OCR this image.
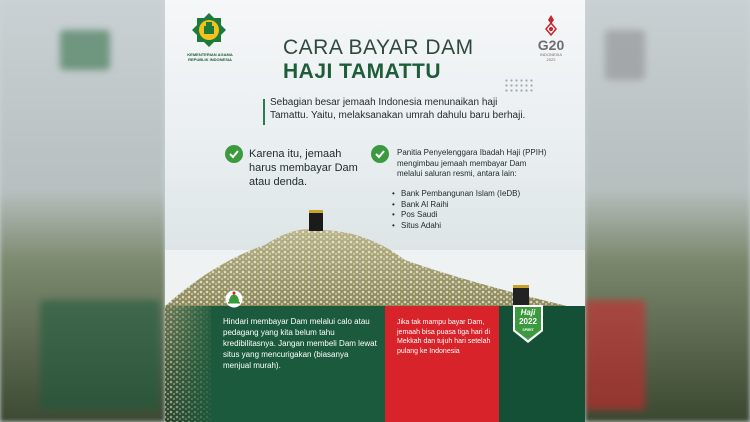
KEMENTERIAN AGAMA REPUBLIK INDONESIA
CARA BAYAR DAM
HAJI TAMATTU
G20
INDONESIA
2022
Sebagian besar jemaah Indonesia menunaikan haji Tamattu. Yaitu, melaksanakan umrah dahulu baru berhaji.
Karena itu, jemaah harus membayar Dam atau denda.
Panitia Penyelenggara Ibadah Haji (PPIH) mengimbau jemaah membayar Dam melalui saluran resmi, antara lain:
• Bank Pembangunan Islam (IeDB)
• Bank Al Raihi
• Pos Saudi
• Situs Adahi
Hindari membayar Dam melalui calo atau pedagang yang kita belum tahu kredibilitasnya. Jangan membeli Dam lewat situs yang mencurigakan (biasanya menjual murah).
Jika tak mampu bayar Dam, jemaah bisa puasa tiga hari di Mekkah dan tujuh hari setelah pulang ke Indonesia
Haji
2022
SPIRIT
